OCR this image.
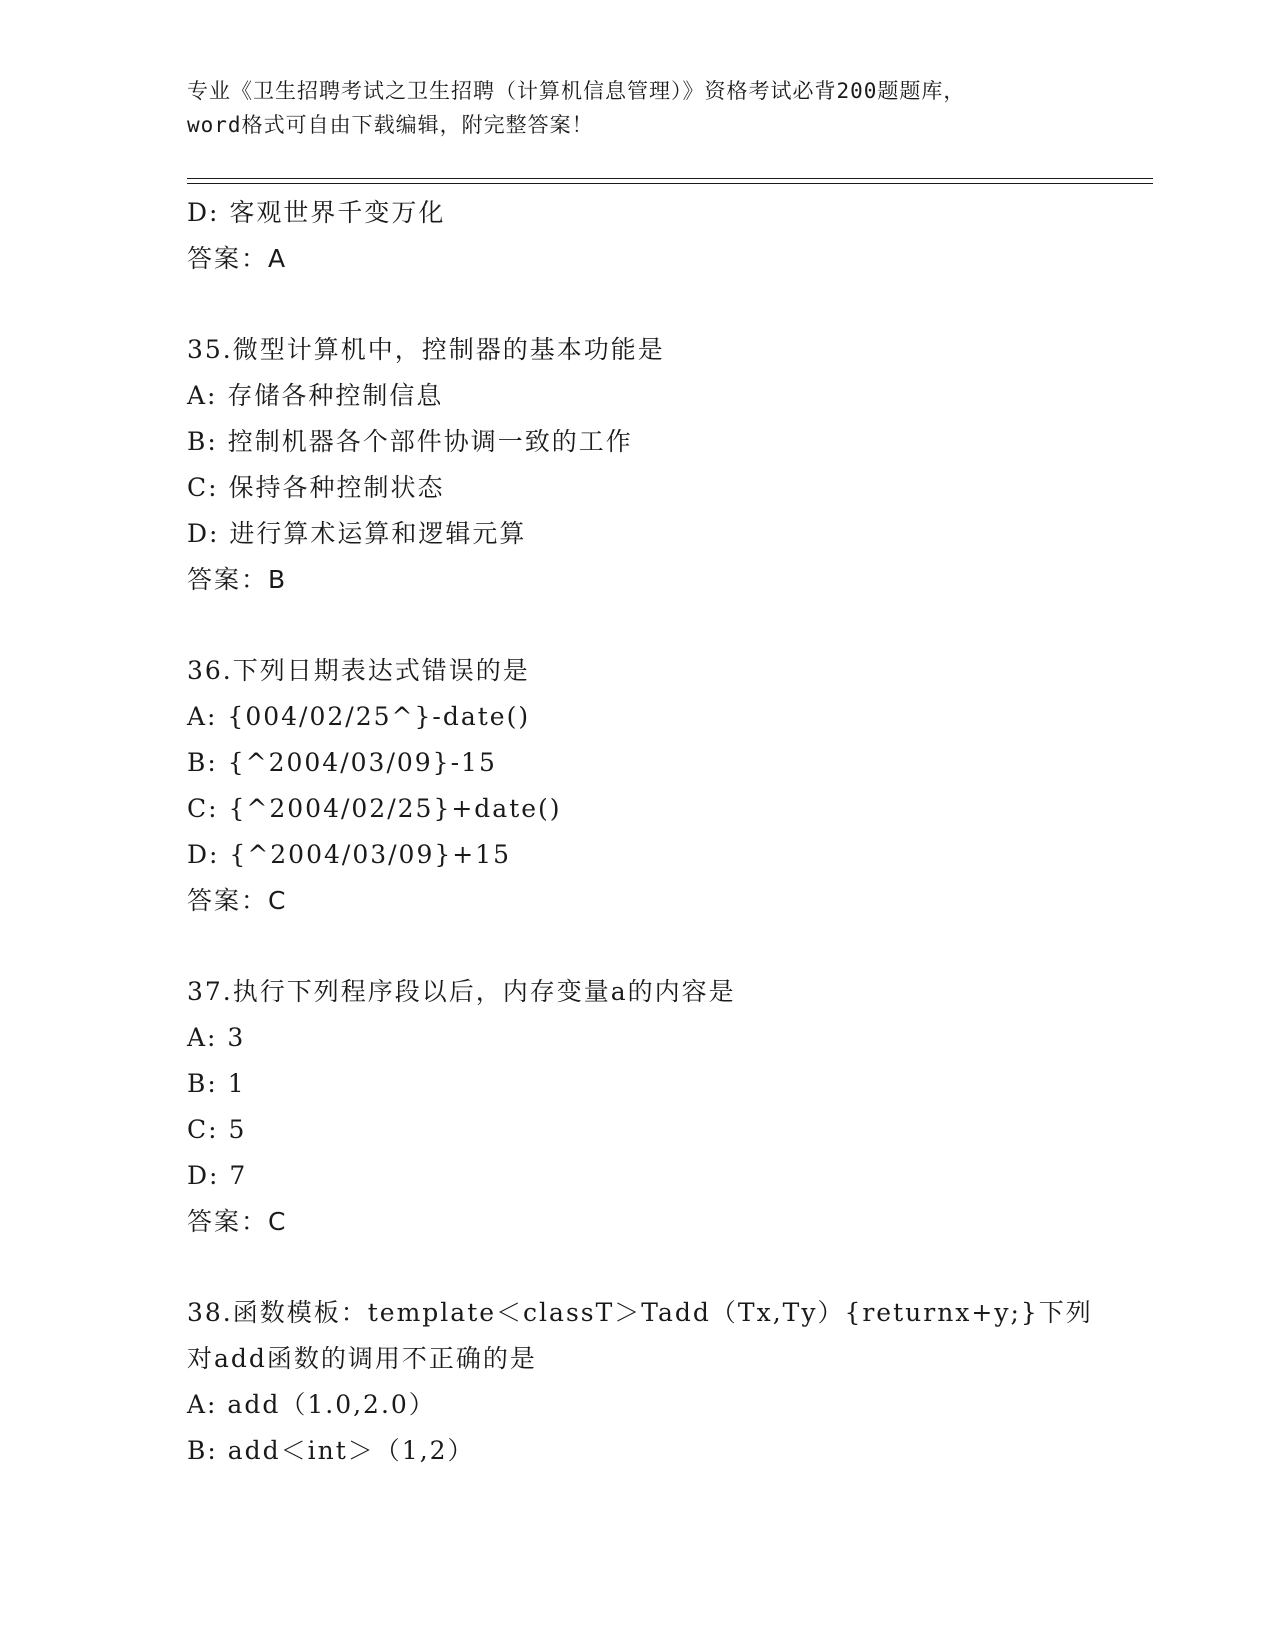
专业《卫生招聘考试之卫生招聘（计算机信息管理）》资格考试必背200题题库，
word格式可自由下载编辑，附完整答案！
D: 客观世界千变万化
答案：A
35.微型计算机中，控制器的基本功能是
A: 存储各种控制信息
B: 控制机器各个部件协调一致的工作
C: 保持各种控制状态
D: 进行算术运算和逻辑元算
答案：B
36.下列日期表达式错误的是
A: {004/02/25^}-date()
B: {^2004/03/09}-15
C: {^2004/02/25}+date()
D: {^2004/03/09}+15
答案：C
37.执行下列程序段以后，内存变量a的内容是
A: 3
B: 1
C: 5
D: 7
答案：C
38.函数模板：template＜classT＞Tadd（Tx,Ty）{returnx+y;}下列
对add函数的调用不正确的是
A: add（1.0,2.0）
B: add＜int＞（1,2）
